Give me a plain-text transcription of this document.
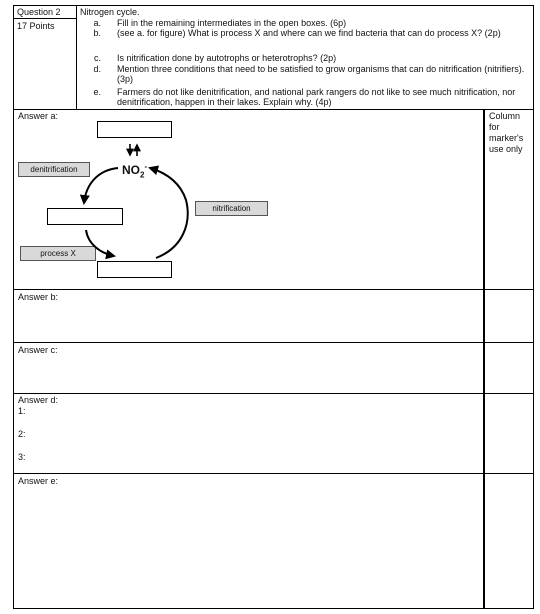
Question 2
17 Points
Nitrogen cycle.
a. Fill in the remaining intermediates in the open boxes. (6p)
b. (see a. for figure) What is process X and where can we find bacteria that can do process X? (2p)
c. Is nitrification done by autotrophs or heterotrophs? (2p)
d. Mention three conditions that need to be satisfied to grow organisms that can do nitrification (nitrifiers). (3p)
e. Farmers do not like denitrification, and national park rangers do not like to see much nitrification, nor denitrification, happen in their lakes. Explain why. (4p)
Column for marker's use only
Answer a:
Answer b:
Answer c:
Answer d:
1:
2:
3:
Answer e:
denitrification
nitrification
process X
$NO_2^-$
